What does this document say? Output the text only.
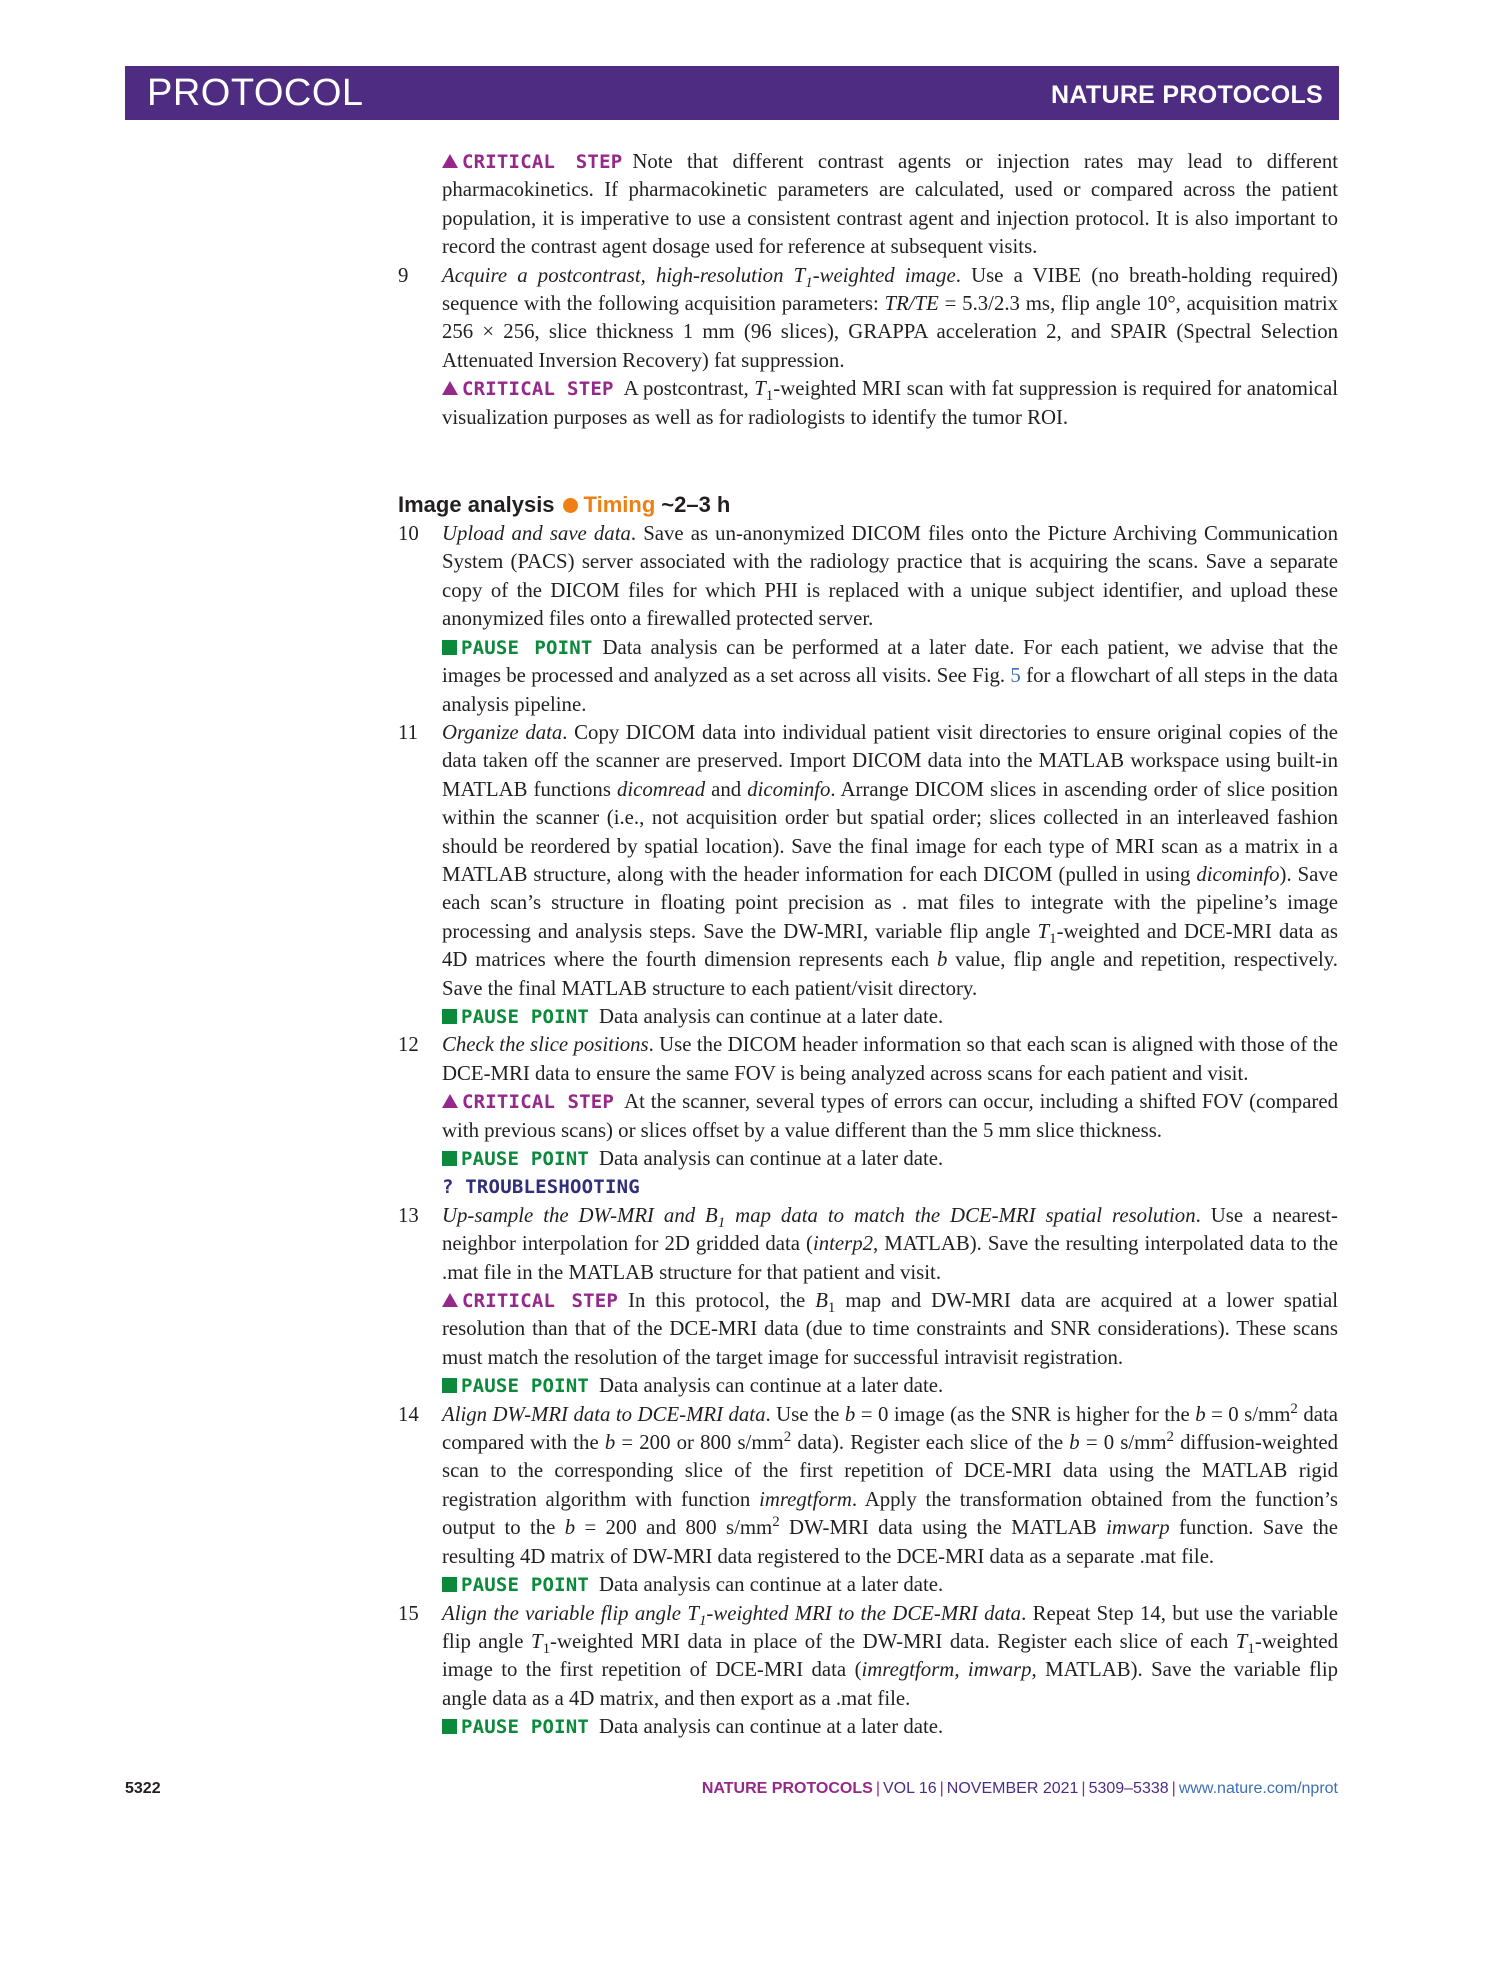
PROTOCOL	NATURE PROTOCOLS
CRITICAL STEP Note that different contrast agents or injection rates may lead to different pharmacokinetics. If pharmacokinetic parameters are calculated, used or compared across the patient population, it is imperative to use a consistent contrast agent and injection protocol. It is also important to record the contrast agent dosage used for reference at subsequent visits.
9	Acquire a postcontrast, high-resolution $T_1$-weighted image. Use a VIBE (no breath-holding required) sequence with the following acquisition parameters: TR/TE = 5.3/2.3 ms, flip angle 10°, acquisition matrix 256 × 256, slice thickness 1 mm (96 slices), GRAPPA acceleration 2, and SPAIR (Spectral Selection Attenuated Inversion Recovery) fat suppression.
CRITICAL STEP A postcontrast, $T_1$-weighted MRI scan with fat suppression is required for anatomical visualization purposes as well as for radiologists to identify the tumor ROI.
Image analysis Timing ~2–3 h
10	Upload and save data. Save as un-anonymized DICOM files onto the Picture Archiving Communication System (PACS) server associated with the radiology practice that is acquiring the scans. Save a separate copy of the DICOM files for which PHI is replaced with a unique subject identifier, and upload these anonymized files onto a firewalled protected server.
PAUSE POINT Data analysis can be performed at a later date. For each patient, we advise that the images be processed and analyzed as a set across all visits. See Fig. 5 for a flowchart of all steps in the data analysis pipeline.
11	Organize data. Copy DICOM data into individual patient visit directories to ensure original copies of the data taken off the scanner are preserved. Import DICOM data into the MATLAB workspace using built-in MATLAB functions dicomread and dicominfo. Arrange DICOM slices in ascending order of slice position within the scanner (i.e., not acquisition order but spatial order; slices collected in an interleaved fashion should be reordered by spatial location). Save the final image for each type of MRI scan as a matrix in a MATLAB structure, along with the header information for each DICOM (pulled in using dicominfo). Save each scan’s structure in floating point precision as . mat files to integrate with the pipeline’s image processing and analysis steps. Save the DW-MRI, variable flip angle $T_1$-weighted and DCE-MRI data as 4D matrices where the fourth dimension represents each b value, flip angle and repetition, respectively. Save the final MATLAB structure to each patient/visit directory.
PAUSE POINT Data analysis can continue at a later date.
12	Check the slice positions. Use the DICOM header information so that each scan is aligned with those of the DCE-MRI data to ensure the same FOV is being analyzed across scans for each patient and visit.
CRITICAL STEP At the scanner, several types of errors can occur, including a shifted FOV (compared with previous scans) or slices offset by a value different than the 5 mm slice thickness.
PAUSE POINT Data analysis can continue at a later date.
? TROUBLESHOOTING
13	Up-sample the DW-MRI and $B_1$ map data to match the DCE-MRI spatial resolution. Use a nearest-neighbor interpolation for 2D gridded data (interp2, MATLAB). Save the resulting interpolated data to the .mat file in the MATLAB structure for that patient and visit.
CRITICAL STEP In this protocol, the $B_1$ map and DW-MRI data are acquired at a lower spatial resolution than that of the DCE-MRI data (due to time constraints and SNR considerations). These scans must match the resolution of the target image for successful intravisit registration.
PAUSE POINT Data analysis can continue at a later date.
14	Align DW-MRI data to DCE-MRI data. Use the b = 0 image (as the SNR is higher for the b = 0 $s/mm^2$ data compared with the b = 200 or 800 $s/mm^2$ data). Register each slice of the b = 0 $s/mm^2$ diffusion-weighted scan to the corresponding slice of the first repetition of DCE-MRI data using the MATLAB rigid registration algorithm with function imregtform. Apply the transformation obtained from the function’s output to the b = 200 and 800 $s/mm^2$ DW-MRI data using the MATLAB imwarp function. Save the resulting 4D matrix of DW-MRI data registered to the DCE-MRI data as a separate .mat file.
PAUSE POINT Data analysis can continue at a later date.
15	Align the variable flip angle $T_1$-weighted MRI to the DCE-MRI data. Repeat Step 14, but use the variable flip angle $T_1$-weighted MRI data in place of the DW-MRI data. Register each slice of each $T_1$-weighted image to the first repetition of DCE-MRI data (imregtform, imwarp, MATLAB). Save the variable flip angle data as a 4D matrix, and then export as a .mat file.
PAUSE POINT Data analysis can continue at a later date.
5322	NATURE PROTOCOLS | VOL 16 | NOVEMBER 2021 | 5309–5338 | www.nature.com/nprot
